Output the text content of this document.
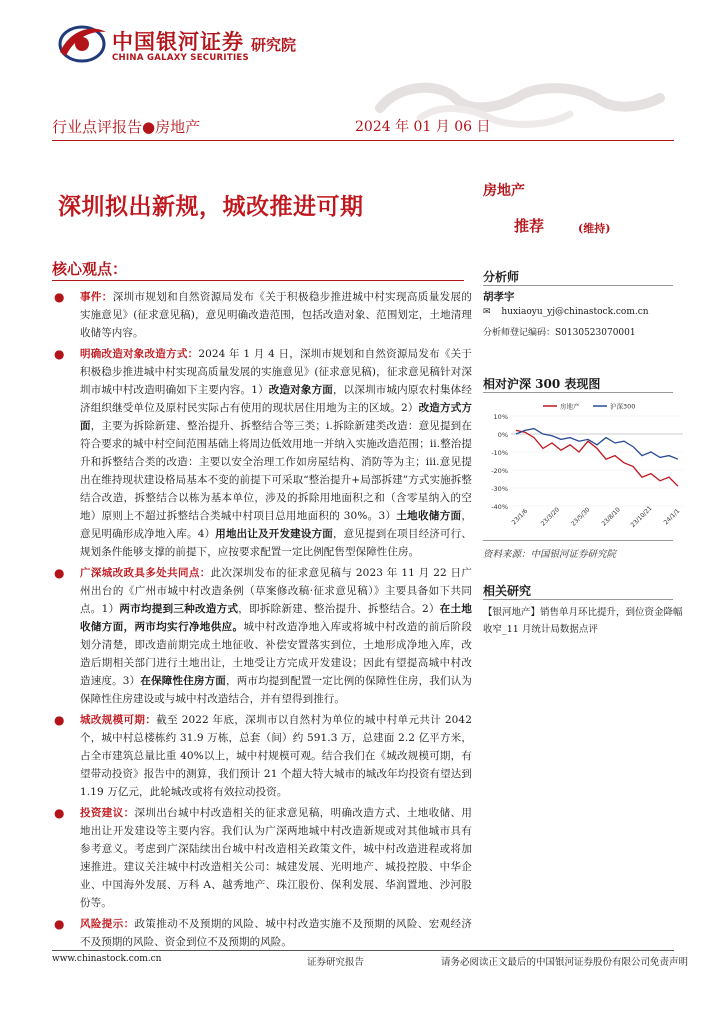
中国银河证券
CHINA GALAXY SECURITIES
研究院
行业点评报告●房地产	2024 年 01 月 06 日
深圳拟出新规，城改推进可期
核心观点：
● 事件：深圳市规划和自然资源局发布《关于积极稳步推进城中村实现高质量发展的实施意见》(征求意见稿)，意见明确改造范围，包括改造对象、范围划定，土地清理收储等内容。
● 明确改造对象改造方式：2024 年 1 月 4 日，深圳市规划和自然资源局发布《关于积极稳步推进城中村实现高质量发展的实施意见》(征求意见稿)，征求意见稿针对深圳市城中村改造明确如下主要内容。1）改造对象方面，以深圳市城内原农村集体经济组织继受单位及原村民实际占有使用的现状居住用地为主的区域。2）改造方式方面，主要为拆除新建、整治提升、拆整结合等三类；i.拆除新建类改造：意见提到在符合要求的城中村空间范围基础上将周边低效用地一并纳入实施改造范围；ii.整治提升和拆整结合类的改造：主要以安全治理工作如房屋结构、消防等为主；iii.意见提出在维持现状建设格局基本不变的前提下可采取“整治提升+局部拆建”方式实施拆整结合改造，拆整结合以栋为基本单位，涉及的拆除用地面积之和（含零星纳入的空地）原则上不超过拆整结合类城中村项目总用地面积的 30%。3）土地收储方面，意见明确形成净地入库。4）用地出让及开发建设方面，意见提到在项目经济可行、规划条件能够支撑的前提下，应按要求配置一定比例配售型保障性住房。
● 广深城改政具多处共同点：此次深圳发布的征求意见稿与 2023 年 11 月 22 日广州出台的《广州市城中村改造条例（草案修改稿·征求意见稿）》主要具备如下共同点。1）两市均提到三种改造方式，即拆除新建、整治提升、拆整结合。2）在土地收储方面，两市均实行净地供应。城中村改造净地入库或将城中村改造的前后阶段划分清楚，即改造前期完成土地征收、补偿安置落实到位，土地形成净地入库，改造后期相关部门进行土地出让，土地受让方完成开发建设；因此有望提高城中村改造速度。3）在保障性住房方面，两市均提到配置一定比例的保障性住房，我们认为保障性住房建设或与城中村改造结合，并有望得到推行。
● 城改规模可期：截至 2022 年底，深圳市以自然村为单位的城中村单元共计 2042 个，城中村总楼栋约 31.9 万栋，总套（间）约 591.3 万，总建面 2.2 亿平方米，占全市建筑总量比重 40%以上，城中村规模可观。结合我们在《城改规模可期，有望带动投资》报告中的测算，我们预计 21 个超大特大城市的城改年均投资有望达到 1.19 万亿元，此轮城改或将有效拉动投资。
● 投资建议：深圳出台城中村改造相关的征求意见稿，明确改造方式、土地收储、用地出让开发建设等主要内容。我们认为广深两地城中村改造新规或对其他城市具有参考意义。考虑到广深陆续出台城中村改造相关政策文件，城中村改造进程或将加速推进。建议关注城中村改造相关公司：城建发展、光明地产、城投控股、中华企业、中国海外发展、万科 A、越秀地产、珠江股份、保利发展、华润置地、沙河股份等。
● 风险提示：政策推动不及预期的风险、城中村改造实施不及预期的风险、宏观经济不及预期的风险、资金到位不及预期的风险。
房地产
推荐	(维持)
分析师
胡孝宇
✉ huxiaoyu_yj@chinastock.com.cn
分析师登记编码：S0130523070001
相对沪深 300 表现图
10%
0%
-10%
-20%
-30%
-40%
23/1/6 23/3/20 23/5/30 23/8/10 23/10/21 24/1/1
房地产	沪深300
资料来源：中国银河证券研究院
相关研究
【银河地产】销售单月环比提升，到位资金降幅收窄_11 月统计局数据点评
www.chinastock.com.cn	证券研究报告	请务必阅读正文最后的中国银河证券股份有限公司免责声明
